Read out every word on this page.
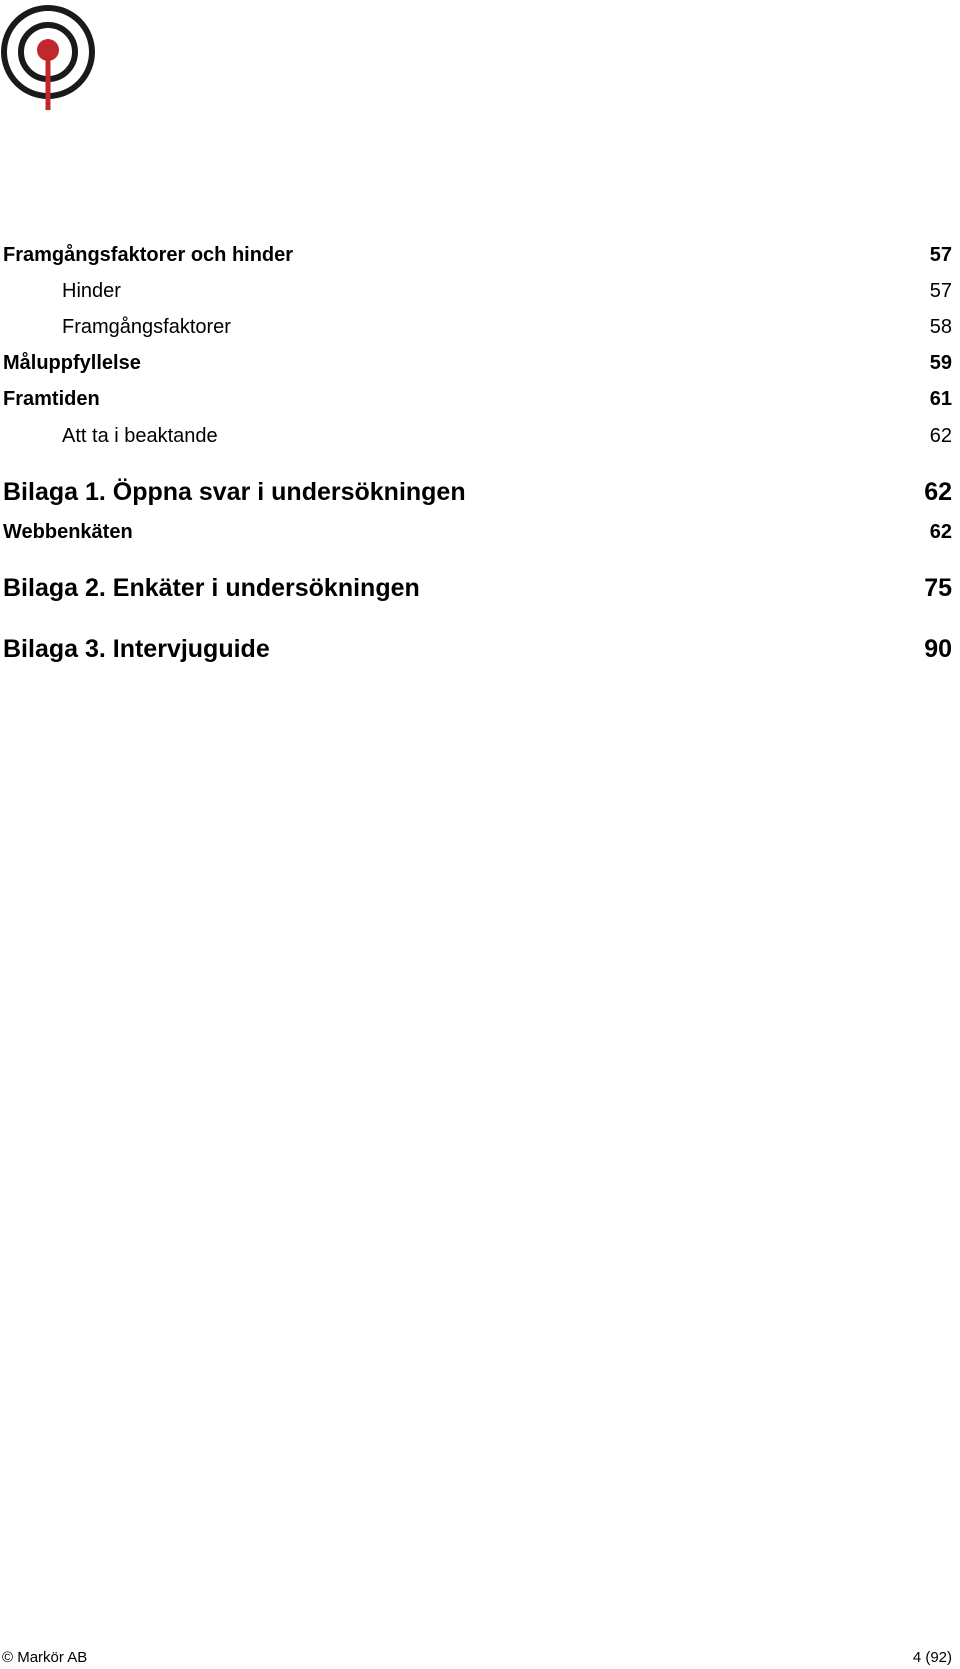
Framgångsfaktorer och hinder	57
Hinder	57
Framgångsfaktorer	58
Måluppfyllelse	59
Framtiden	61
Att ta i beaktande	62
Bilaga 1. Öppna svar i undersökningen	62
Webbenkäten	62
Bilaga 2. Enkäter i undersökningen	75
Bilaga 3. Intervjuguide	90
© Markör AB	4 (92)
